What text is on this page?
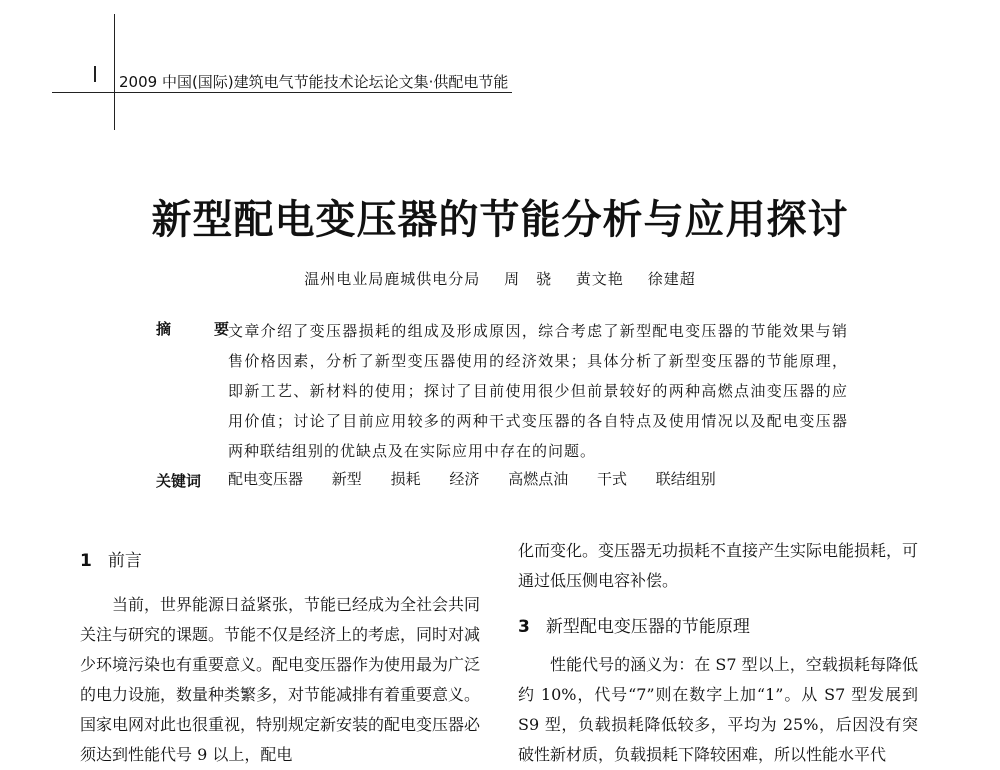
2009 中国(国际)建筑电气节能技术论坛论文集·供配电节能
新型配电变压器的节能分析与应用探讨
温州电业局鹿城供电分局 周　骁 黄文艳 徐建超
摘　要
文章介绍了变压器损耗的组成及形成原因，综合考虑了新型配电变压器的节能效果与销售价格因素，分析了新型变压器使用的经济效果；具体分析了新型变压器的节能原理，即新工艺、新材料的使用；探讨了目前使用很少但前景较好的两种高燃点油变压器的应用价值；讨论了目前应用较多的两种干式变压器的各自特点及使用情况以及配电变压器两种联结组别的优缺点及在实际应用中存在的问题。
关键词 配电变压器 新型 损耗 经济 高燃点油 干式 联结组别
1 前言
当前，世界能源日益紧张，节能已经成为全社会共同关注与研究的课题。节能不仅是经济上的考虑，同时对减少环境污染也有重要意义。配电变压器作为使用最为广泛的电力设施，数量种类繁多，对节能减排有着重要意义。国家电网对此也很重视，特别规定新安装的配电变压器必须达到性能代号 9 以上，配电
化而变化。变压器无功损耗不直接产生实际电能损耗，可通过低压侧电容补偿。
3 新型配电变压器的节能原理
性能代号的涵义为：在 S7 型以上，空载损耗每降低约 10%，代号“7”则在数字上加“1”。从 S7 型发展到 S9 型，负载损耗降低较多，平均为 25%，后因没有突破性新材质，负载损耗下降较困难，所以性能水平代
